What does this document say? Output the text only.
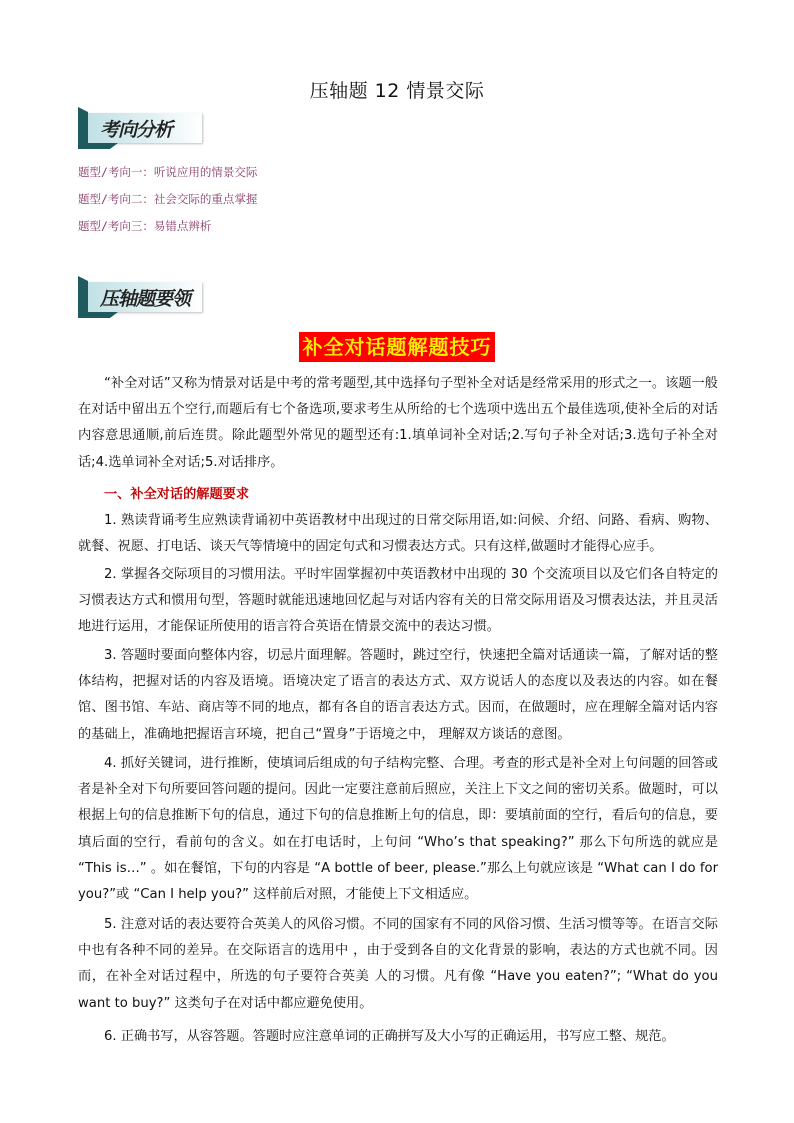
压轴题 12 情景交际
考向分析
题型/考向一：听说应用的情景交际
题型/考向二：社会交际的重点掌握
题型/考向三：易错点辨析
压轴题要领
补全对话题解题技巧

“补全对话”又称为情景对话是中考的常考题型,其中选择句子型补全对话是经常采用的形式之一。该题一般在对话中留出五个空行,而题后有七个备选项,要求考生从所给的七个选项中选出五个最佳选项,使补全后的对话内容意思通顺,前后连贯。除此题型外常见的题型还有:1.填单词补全对话;2.写句子补全对话;3.选句子补全对话;4.选单词补全对话;5.对话排序。

一、补全对话的解题要求

1. 熟读背诵考生应熟读背诵初中英语教材中出现过的日常交际用语,如:问候、介绍、问路、看病、购物、就餐、祝愿、打电话、谈天气等情境中的固定句式和习惯表达方式。只有这样,做题时才能得心应手。

2. 掌握各交际项目的习惯用法。平时牢固掌握初中英语教材中出现的 30 个交流项目以及它们各自特定的习惯表达方式和惯用句型，答题时就能迅速地回忆起与对话内容有关的日常交际用语及习惯表达法，并且灵活地进行运用，才能保证所使用的语言符合英语在情景交流中的表达习惯。

3. 答题时要面向整体内容，切忌片面理解。答题时，跳过空行，快速把全篇对话通读一篇，了解对话的整体结构，把握对话的内容及语境。语境决定了语言的表达方式、双方说话人的态度以及表达的内容。如在餐馆、图书馆、车站、商店等不同的地点，都有各自的语言表达方式。因而，在做题时，应在理解全篇对话内容的基础上，准确地把握语言环境，把自己“置身”于语境之中， 理解双方谈话的意图。

4. 抓好关键词，进行推断，使填词后组成的句子结构完整、合理。考查的形式是补全对上句问题的回答或者是补全对下句所要回答问题的提问。因此一定要注意前后照应，关注上下文之间的密切关系。做题时，可以根据上句的信息推断下句的信息，通过下句的信息推断上句的信息，即：要填前面的空行，看后句的信息，要填后面的空行，看前句的含义。如在打电话时，上句问 “Who’s that speaking?” 那么下句所选的就应是 “This is…” 。如在餐馆，下句的内容是 “A bottle of beer, please.”那么上句就应该是 “What can I do for you?”或 “Can I help you?” 这样前后对照，才能使上下文相适应。

5. 注意对话的表达要符合英美人的风俗习惯。不同的国家有不同的风俗习惯、生活习惯等等。在语言交际中也有各种不同的差异。在交际语言的选用中 ，由于受到各自的文化背景的影响，表达的方式也就不同。因而，在补全对话过程中，所选的句子要符合英美 人的习惯。凡有像 “Have you eaten?”; “What do you want to buy?” 这类句子在对话中都应避免使用。

6. 正确书写，从容答题。答题时应注意单词的正确拼写及大小写的正确运用，书写应工整、规范。
